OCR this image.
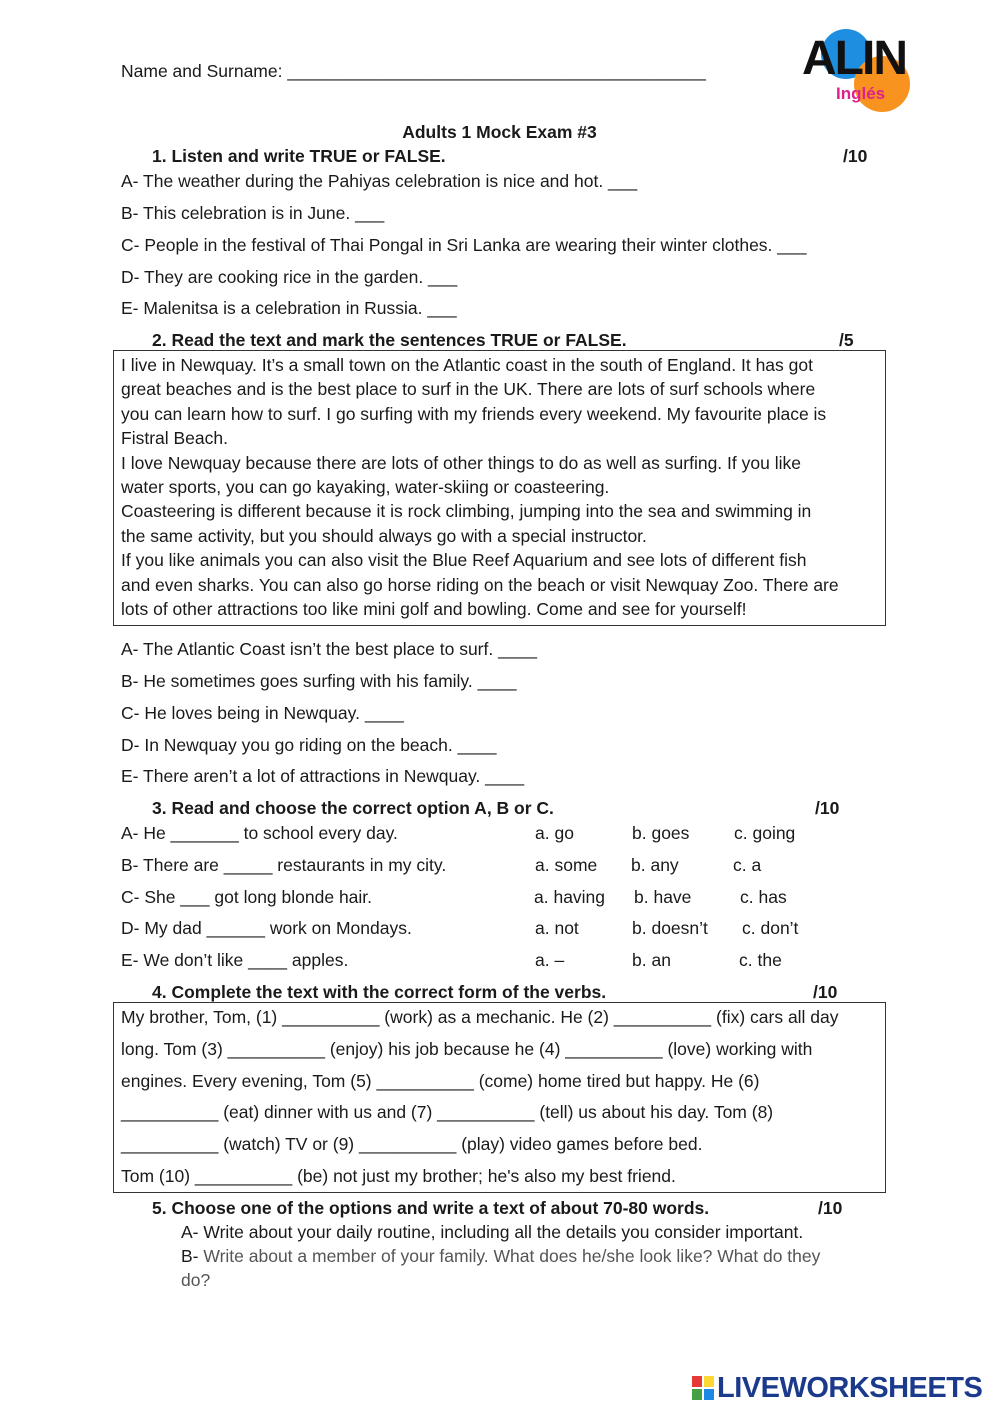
Name and Surname: ___________________________________________ ALIN
Inglés
Adults 1 Mock Exam #3
1. Listen and write TRUE or FALSE.	/10
A- The weather during the Pahiyas celebration is nice and hot. ___
B- This celebration is in June. ___
C- People in the festival of Thai Pongal in Sri Lanka are wearing their winter clothes. ___
D- They are cooking rice in the garden. ___
E- Malenitsa is a celebration in Russia. ___
2. Read the text and mark the sentences TRUE or FALSE.	/5
I live in Newquay. It’s a small town on the Atlantic coast in the south of England. It has got
great beaches and is the best place to surf in the UK. There are lots of surf schools where
you can learn how to surf. I go surfing with my friends every weekend. My favourite place is
Fistral Beach.
I love Newquay because there are lots of other things to do as well as surfing. If you like
water sports, you can go kayaking, water-skiing or coasteering.
Coasteering is different because it is rock climbing, jumping into the sea and swimming in
the same activity, but you should always go with a special instructor.
If you like animals you can also visit the Blue Reef Aquarium and see lots of different fish
and even sharks. You can also go horse riding on the beach or visit Newquay Zoo. There are
lots of other attractions too like mini golf and bowling. Come and see for yourself!
A- The Atlantic Coast isn’t the best place to surf. ____
B- He sometimes goes surfing with his family. ____
C- He loves being in Newquay. ____
D- In Newquay you go riding on the beach. ____
E- There aren’t a lot of attractions in Newquay. ____
3. Read and choose the correct option A, B or C.	/10
A- He _______ to school every day.	a. go	b. goes	c. going
B- There are _____ restaurants in my city.	a. some b. any	c. a
C- She ___ got long blonde hair.	a. having b. have	c. has
D- My dad ______ work on Mondays.	a. not	b. doesn’t c. don’t
E- We don’t like ____ apples.	a. –	b. an	c. the
4. Complete the text with the correct form of the verbs.	/10
My brother, Tom, (1) __________ (work) as a mechanic. He (2) __________ (fix) cars all day
long. Tom (3) __________ (enjoy) his job because he (4) __________ (love) working with
engines. Every evening, Tom (5) __________ (come) home tired but happy. He (6)
__________ (eat) dinner with us and (7) __________ (tell) us about his day. Tom (8)
__________ (watch) TV or (9) __________ (play) video games before bed.
Tom (10) __________ (be) not just my brother; he's also my best friend.
5. Choose one of the options and write a text of about 70-80 words.	/10
A- Write about your daily routine, including all the details you consider important.
B- Write about a member of your family. What does he/she look like? What do they
do?
LIVEWORKSHEETS
